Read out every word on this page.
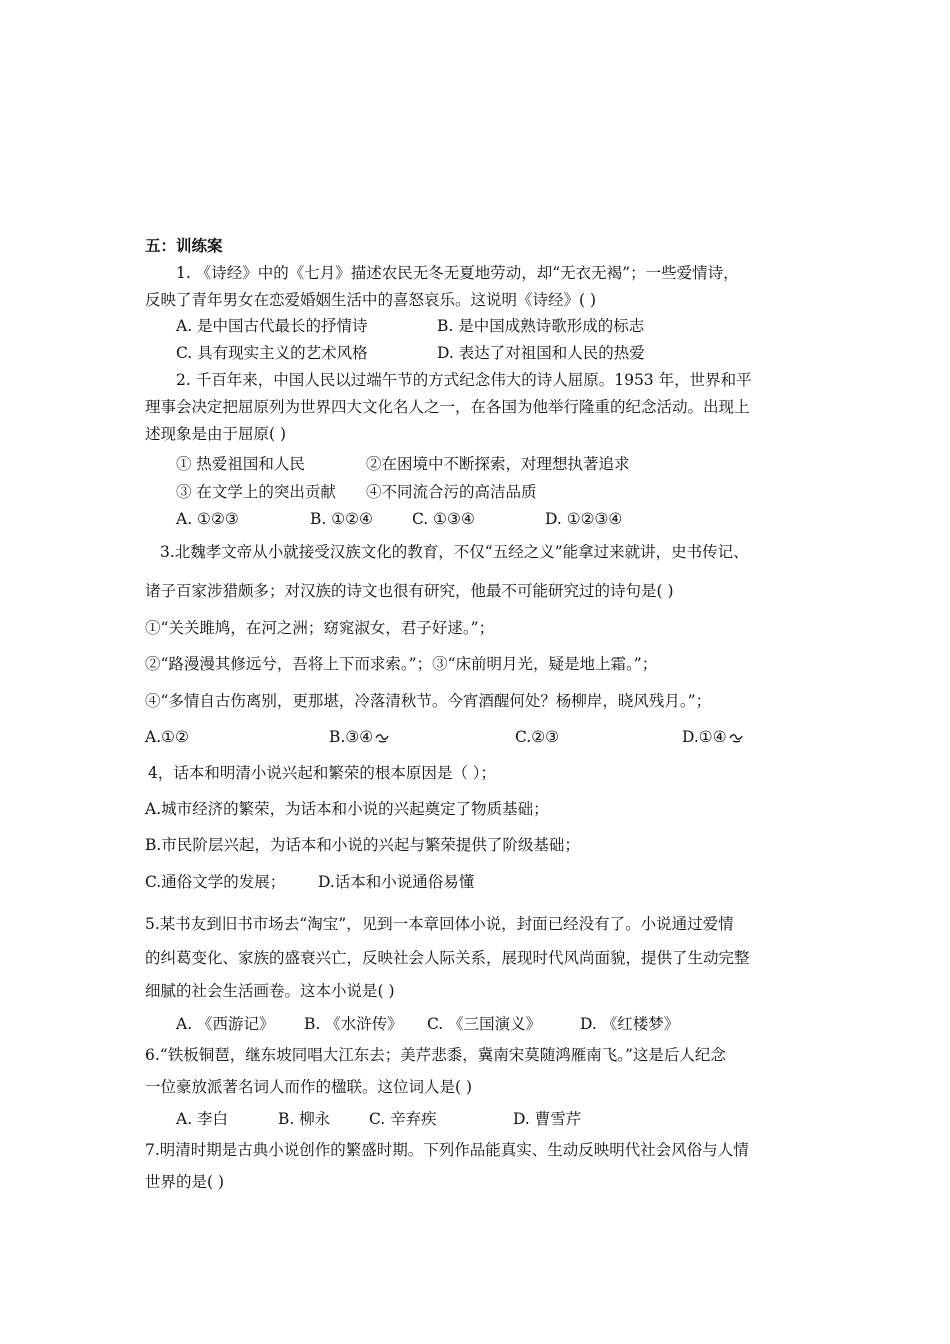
五：训练案
1. 《诗经》中的《七月》描述农民无冬无夏地劳动，却“无衣无褐”；一些爱情诗，
反映了青年男女在恋爱婚姻生活中的喜怒哀乐。这说明《诗经》( )
A. 是中国古代最长的抒情诗	B. 是中国成熟诗歌形成的标志
C. 具有现实主义的艺术风格	D. 表达了对祖国和人民的热爱
2. 千百年来，中国人民以过端午节的方式纪念伟大的诗人屈原。1953 年，世界和平
理事会决定把屈原列为世界四大文化名人之一，在各国为他举行隆重的纪念活动。出现上
述现象是由于屈原( )
① 热爱祖国和人民	②在困境中不断探索，对理想执著追求
③ 在文学上的突出贡献 ④不同流合污的高洁品质
A. ①②③	B. ①②④	C. ①③④	D. ①②③④
3.北魏孝文帝从小就接受汉族文化的教育，不仅“五经之义”能拿过来就讲，史书传记、
诸子百家涉猎颇多；对汉族的诗文也很有研究，他最不可能研究过的诗句是( )
①“关关雎鸠，在河之洲；窈窕淑女，君子好逑。”；
②“路漫漫其修远兮，吾将上下而求索。”；③“床前明月光，疑是地上霜。”；
④“多情自古伤离别，更那堪，冷落清秋节。今宵酒醒何处？杨柳岸，晓风残月。”；
A.①②	B.③④	C.②③	D.①④
4，话本和明清小说兴起和繁荣的根本原因是（ ）；
A.城市经济的繁荣，为话本和小说的兴起奠定了物质基础；
B.市民阶层兴起，为话本和小说的兴起与繁荣提供了阶级基础；
C.通俗文学的发展； D.话本和小说通俗易懂
5.某书友到旧书市场去“淘宝”，见到一本章回体小说，封面已经没有了。小说通过爱情
的纠葛变化、家族的盛衰兴亡，反映社会人际关系，展现时代风尚面貌，提供了生动完整
细腻的社会生活画卷。这本小说是( )
A. 《西游记》 B. 《水浒传》 C. 《三国演义》	D. 《红楼梦》
6.“铁板铜琶，继东坡同唱大江东去；美芹悲黍，冀南宋莫随鸿雁南飞。”这是后人纪念
一位豪放派著名词人而作的楹联。这位词人是( )
A. 李白	B. 柳永	C. 辛弃疾	D. 曹雪芹
7.明清时期是古典小说创作的繁盛时期。下列作品能真实、生动反映明代社会风俗与人情
世界的是( )
